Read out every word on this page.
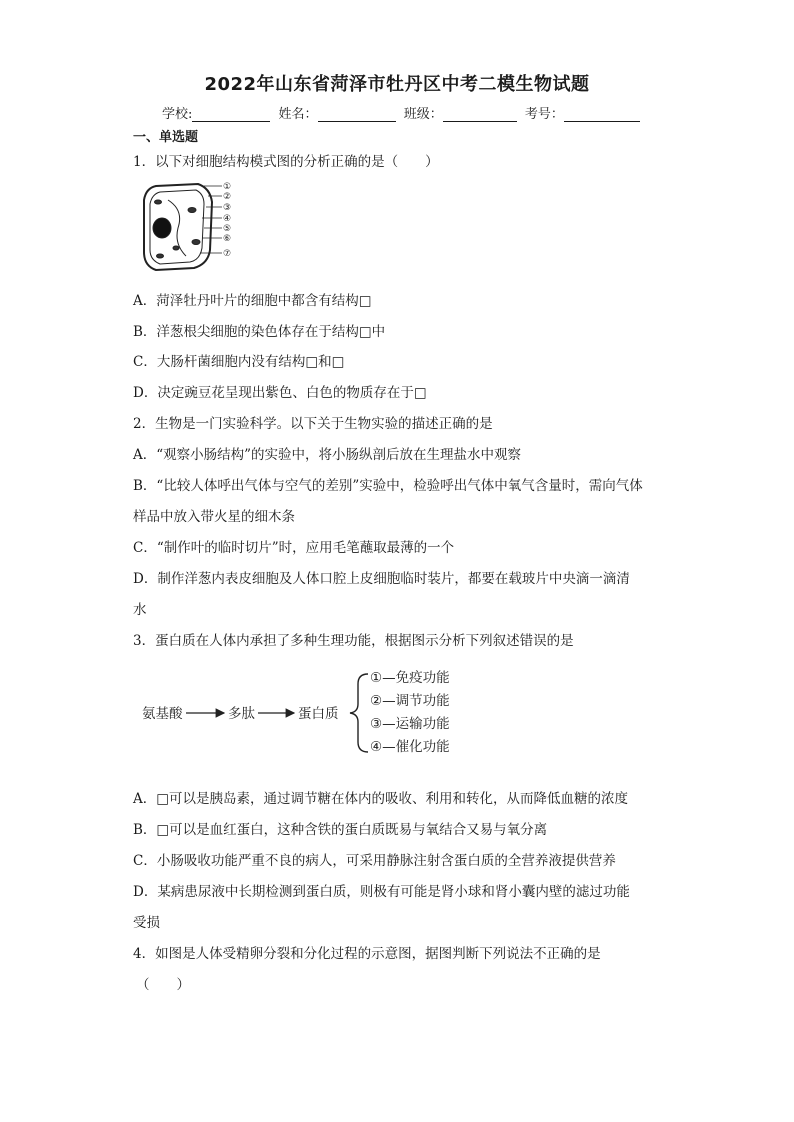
2022年山东省菏泽市牡丹区中考二模生物试题
学校:	姓名：	班级：	考号：
一、单选题
1．以下对细胞结构模式图的分析正确的是（　　）
①
②
③
④
⑤
⑥
⑦
A．菏泽牡丹叶片的细胞中都含有结构□
B．洋葱根尖细胞的染色体存在于结构□中
C．大肠杆菌细胞内没有结构□和□
D．决定豌豆花呈现出紫色、白色的物质存在于□
2．生物是一门实验科学。以下关于生物实验的描述正确的是
A．“观察小肠结构”的实验中，将小肠纵剖后放在生理盐水中观察
B．“比较人体呼出气体与空气的差别”实验中，检验呼出气体中氧气含量时，需向气体
样品中放入带火星的细木条
C．“制作叶的临时切片”时，应用毛笔蘸取最薄的一个
D．制作洋葱内表皮细胞及人体口腔上皮细胞临时装片，都要在载玻片中央滴一滴清
水
3．蛋白质在人体内承担了多种生理功能，根据图示分析下列叙述错误的是
氨基酸	多肽	蛋白质
①—免疫功能
②—调节功能
③—运输功能
④—催化功能
A．□可以是胰岛素，通过调节糖在体内的吸收、利用和转化，从而降低血糖的浓度
B．□可以是血红蛋白，这种含铁的蛋白质既易与氧结合又易与氧分离
C．小肠吸收功能严重不良的病人，可采用静脉注射含蛋白质的全营养液提供营养
D．某病患尿液中长期检测到蛋白质，则极有可能是肾小球和肾小囊内壁的滤过功能
受损
4．如图是人体受精卵分裂和分化过程的示意图，据图判断下列说法不正确的是
（　　）
